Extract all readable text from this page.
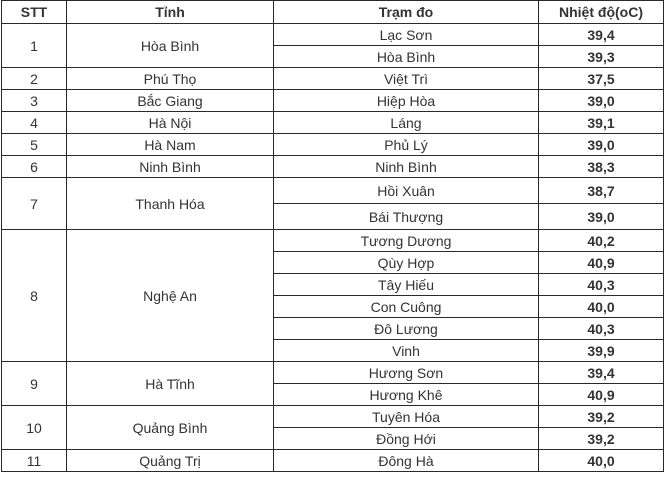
STT	Tỉnh	Trạm đo	Nhiệt độ(oC)
1	Hòa Bình	Lạc Sơn	39,4
		Hòa Bình	39,3
2	Phú Thọ	Việt Trì	37,5
3	Bắc Giang	Hiệp Hòa	39,0
4	Hà Nội	Láng	39,1
5	Hà Nam	Phủ Lý	39,0
6	Ninh Bình	Ninh Bình	38,3
7	Thanh Hóa	Hồi Xuân	38,7
		Bái Thượng	39,0
8	Nghệ An	Tương Dương	40,2
		Qùy Hợp	40,9
		Tây Hiếu	40,3
		Con Cuông	40,0
		Đô Lương	40,3
		Vinh	39,9
9	Hà Tĩnh	Hương Sơn	39,4
		Hương Khê	40,9
10	Quảng Bình	Tuyên Hóa	39,2
		Đồng Hới	39,2
11	Quảng Trị	Đông Hà	40,0
